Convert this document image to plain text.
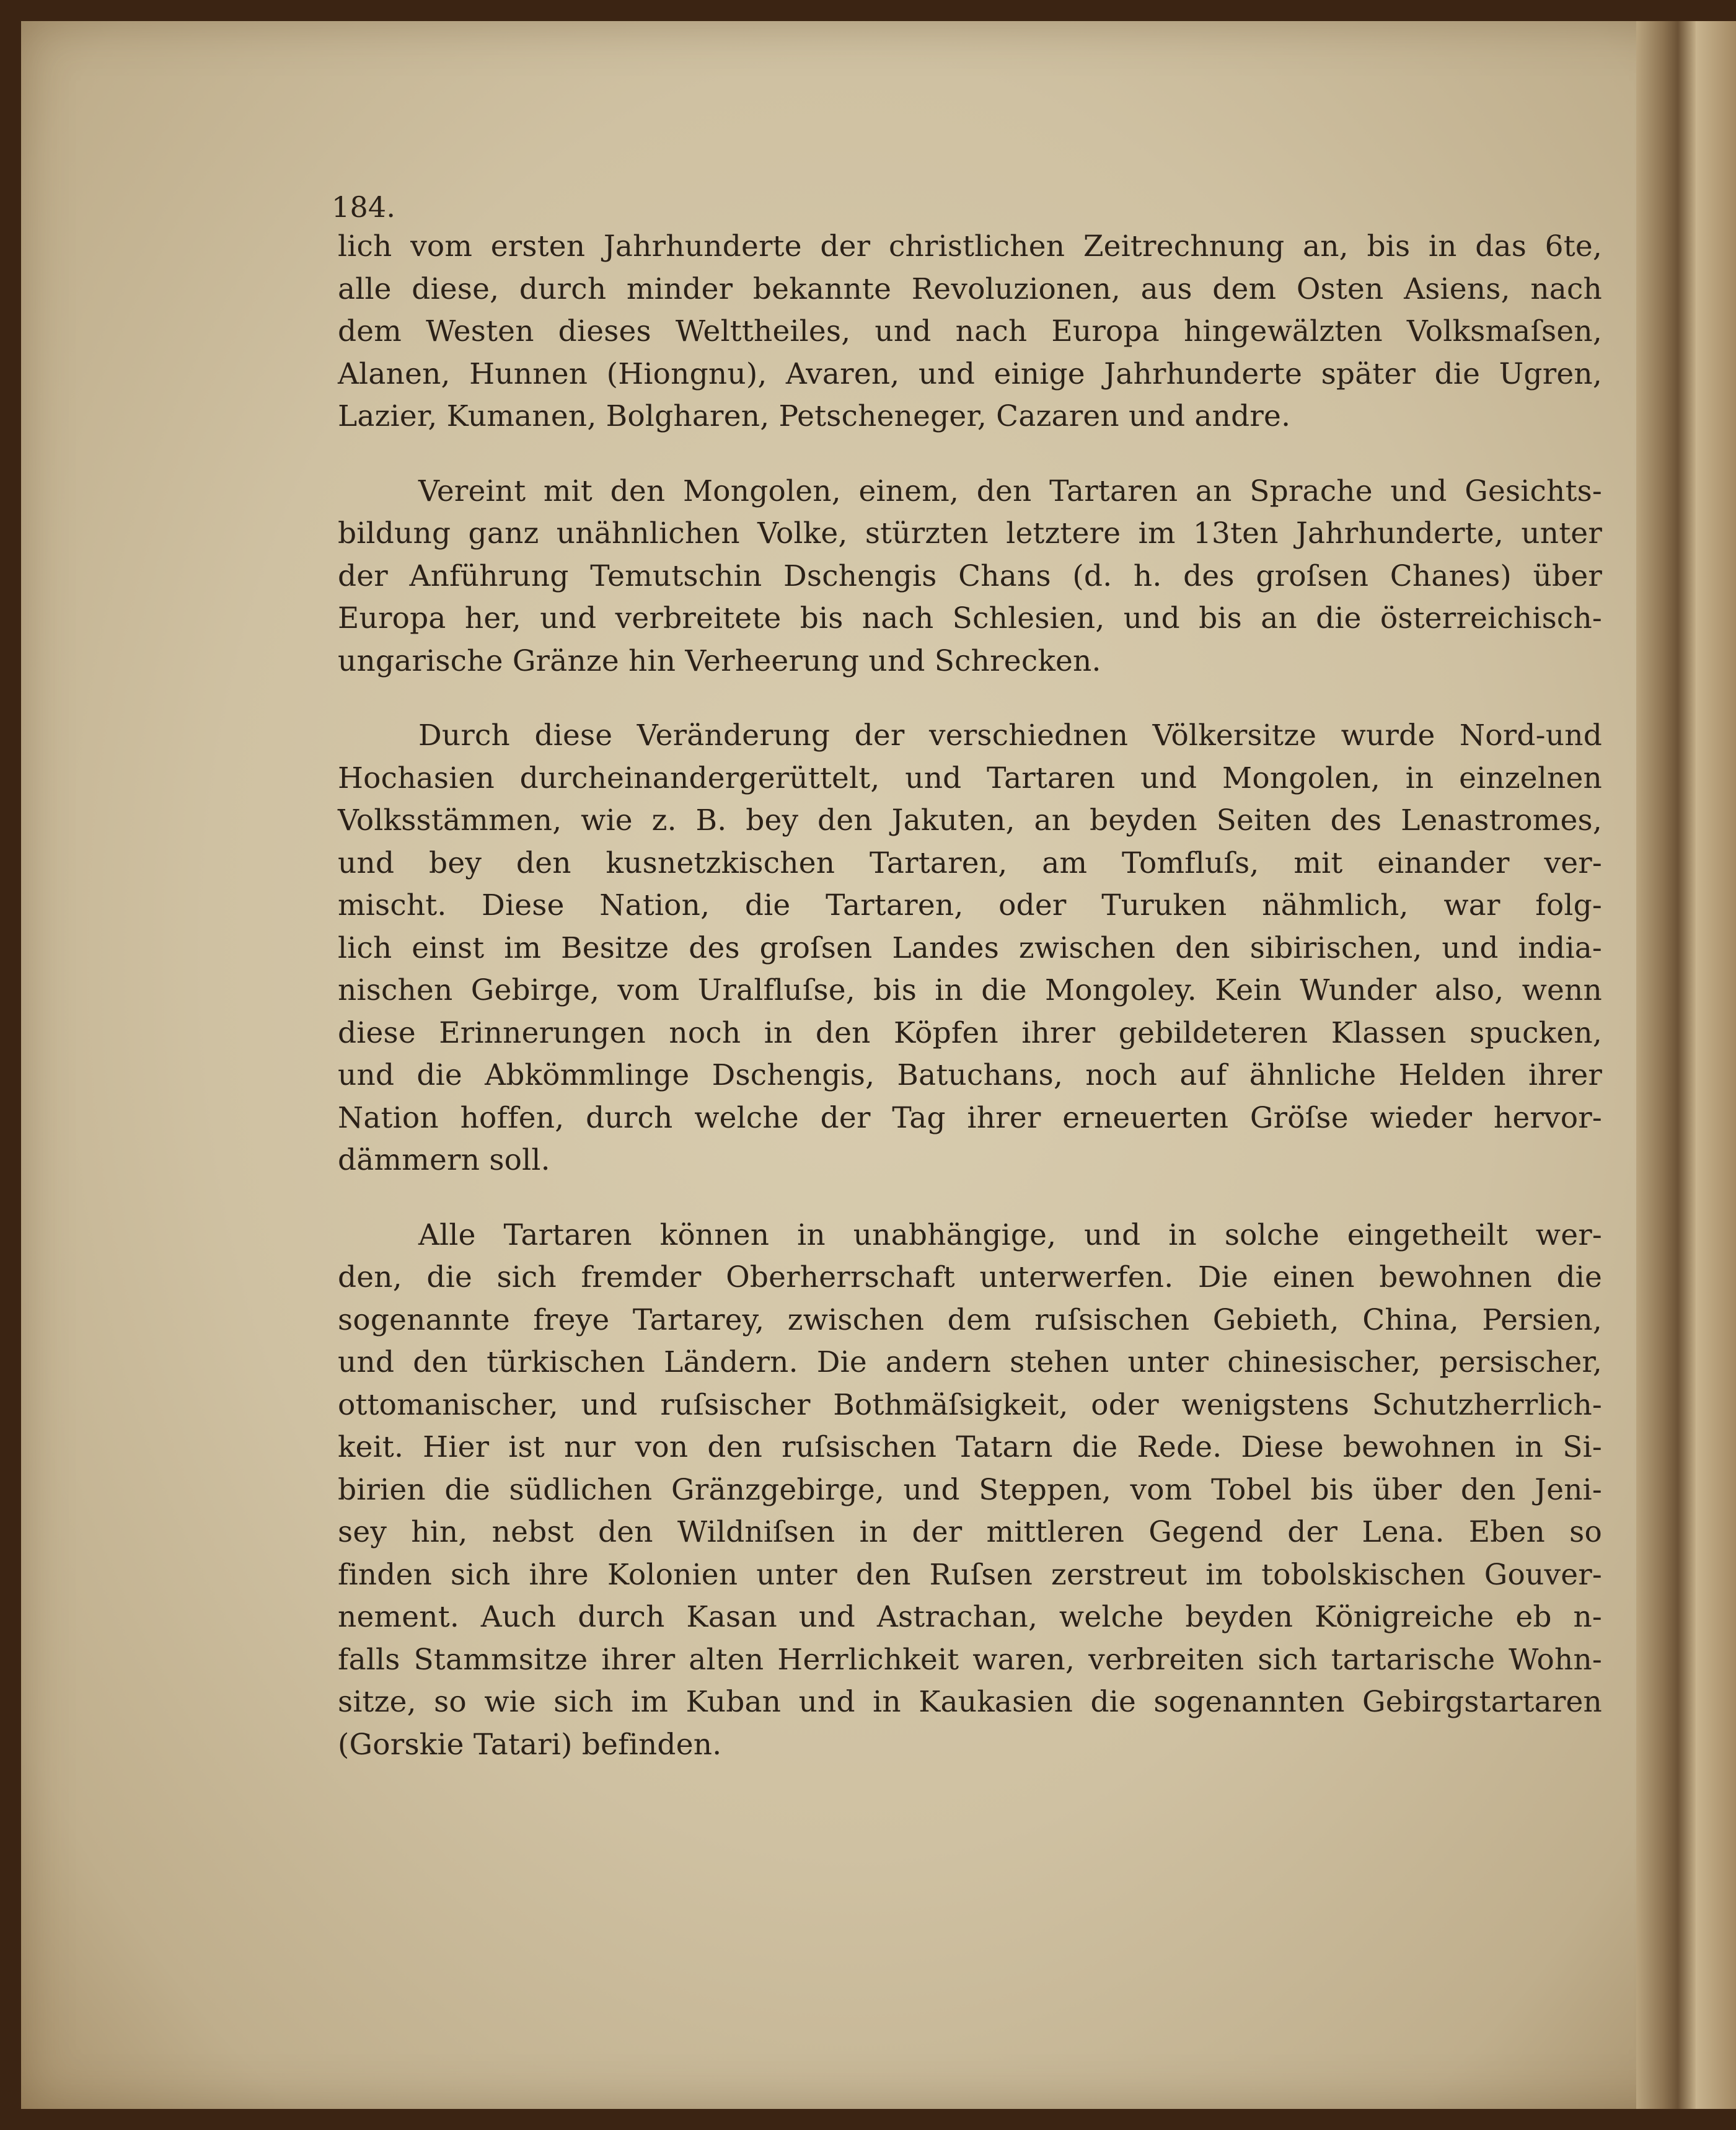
184.
lich vom ersten Jahrhunderte der christlichen Zeitrechnung an, bis in das 6te,
alle diese, durch minder bekannte Revoluzionen, aus dem Osten Asiens, nach
dem Westen dieses Welttheiles, und nach Europa hingewälzten Volksmaſsen,
Alanen, Hunnen (Hiongnu), Avaren, und einige Jahrhunderte später die Ugren,
Lazier, Kumanen, Bolgharen, Petscheneger, Cazaren und andre.
Vereint mit den Mongolen, einem, den Tartaren an Sprache und Gesichts-
bildung ganz unähnlichen Volke, stürzten letztere im 13ten Jahrhunderte, unter
der Anführung Temutschin Dschengis Chans (d. h. des groſsen Chanes) über
Europa her, und verbreitete bis nach Schlesien, und bis an die österreichisch-
ungarische Gränze hin Verheerung und Schrecken.
Durch diese Veränderung der verschiednen Völkersitze wurde Nord-und
Hochasien durcheinandergerüttelt, und Tartaren und Mongolen, in einzelnen
Volksstämmen, wie z. B. bey den Jakuten, an beyden Seiten des Lenastromes,
und bey den kusnetzkischen Tartaren, am Tomfluſs, mit einander ver-
mischt. Diese Nation, die Tartaren, oder Turuken nähmlich, war folg-
lich einst im Besitze des groſsen Landes zwischen den sibirischen, und india-
nischen Gebirge, vom Uralfluſse, bis in die Mongoley. Kein Wunder also, wenn
diese Erinnerungen noch in den Köpfen ihrer gebildeteren Klassen spucken,
und die Abkömmlinge Dschengis, Batuchans, noch auf ähnliche Helden ihrer
Nation hoffen, durch welche der Tag ihrer erneuerten Gröſse wieder hervor-
dämmern soll.
Alle Tartaren können in unabhängige, und in solche eingetheilt wer-
den, die sich fremder Oberherrschaft unterwerfen. Die einen bewohnen die
sogenannte freye Tartarey, zwischen dem ruſsischen Gebieth, China, Persien,
und den türkischen Ländern. Die andern stehen unter chinesischer, persischer,
ottomanischer, und ruſsischer Bothmäſsigkeit, oder wenigstens Schutzherrlich-
keit. Hier ist nur von den ruſsischen Tatarn die Rede. Diese bewohnen in Si-
birien die südlichen Gränzgebirge, und Steppen, vom Tobel bis über den Jeni-
sey hin, nebst den Wildniſsen in der mittleren Gegend der Lena. Eben so
finden sich ihre Kolonien unter den Ruſsen zerstreut im tobolskischen Gouver-
nement. Auch durch Kasan und Astrachan, welche beyden Königreiche eb n-
falls Stammsitze ihrer alten Herrlichkeit waren, verbreiten sich tartarische Wohn-
sitze, so wie sich im Kuban und in Kaukasien die sogenannten Gebirgstartaren
(Gorskie Tatari) befinden.
